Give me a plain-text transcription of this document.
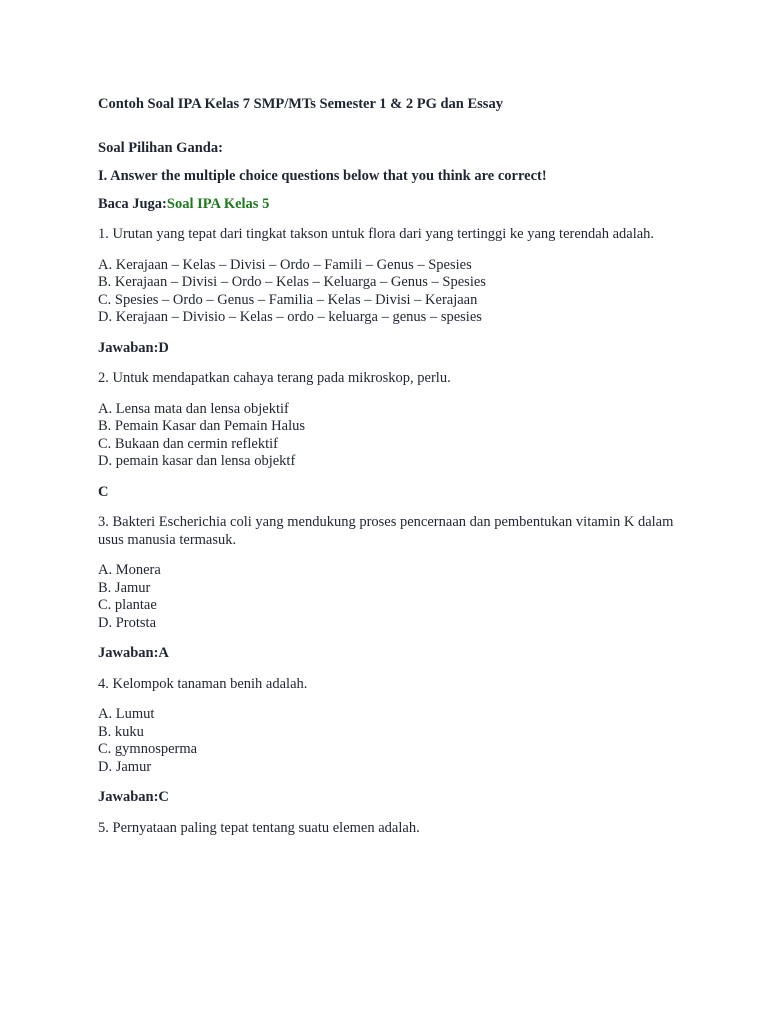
Contoh Soal IPA Kelas 7 SMP/MTs Semester 1 & 2 PG dan Essay

Soal Pilihan Ganda:

I. Answer the multiple choice questions below that you think are correct!

Baca Juga:Soal IPA Kelas 5

1. Urutan yang tepat dari tingkat takson untuk flora dari yang tertinggi ke yang terendah adalah.

A. Kerajaan – Kelas – Divisi – Ordo – Famili – Genus – Spesies
B. Kerajaan – Divisi – Ordo – Kelas – Keluarga – Genus – Spesies
C. Spesies – Ordo – Genus – Familia – Kelas – Divisi – Kerajaan
D. Kerajaan – Divisio – Kelas – ordo – keluarga – genus – spesies

Jawaban:D

2. Untuk mendapatkan cahaya terang pada mikroskop, perlu.

A. Lensa mata dan lensa objektif
B. Pemain Kasar dan Pemain Halus
C. Bukaan dan cermin reflektif
D. pemain kasar dan lensa objektf

C

3. Bakteri Escherichia coli yang mendukung proses pencernaan dan pembentukan vitamin K dalam usus manusia termasuk.

A. Monera
B. Jamur
C. plantae
D. Protsta

Jawaban:A

4. Kelompok tanaman benih adalah.

A. Lumut
B. kuku
C. gymnosperma
D. Jamur

Jawaban:C

5. Pernyataan paling tepat tentang suatu elemen adalah.
